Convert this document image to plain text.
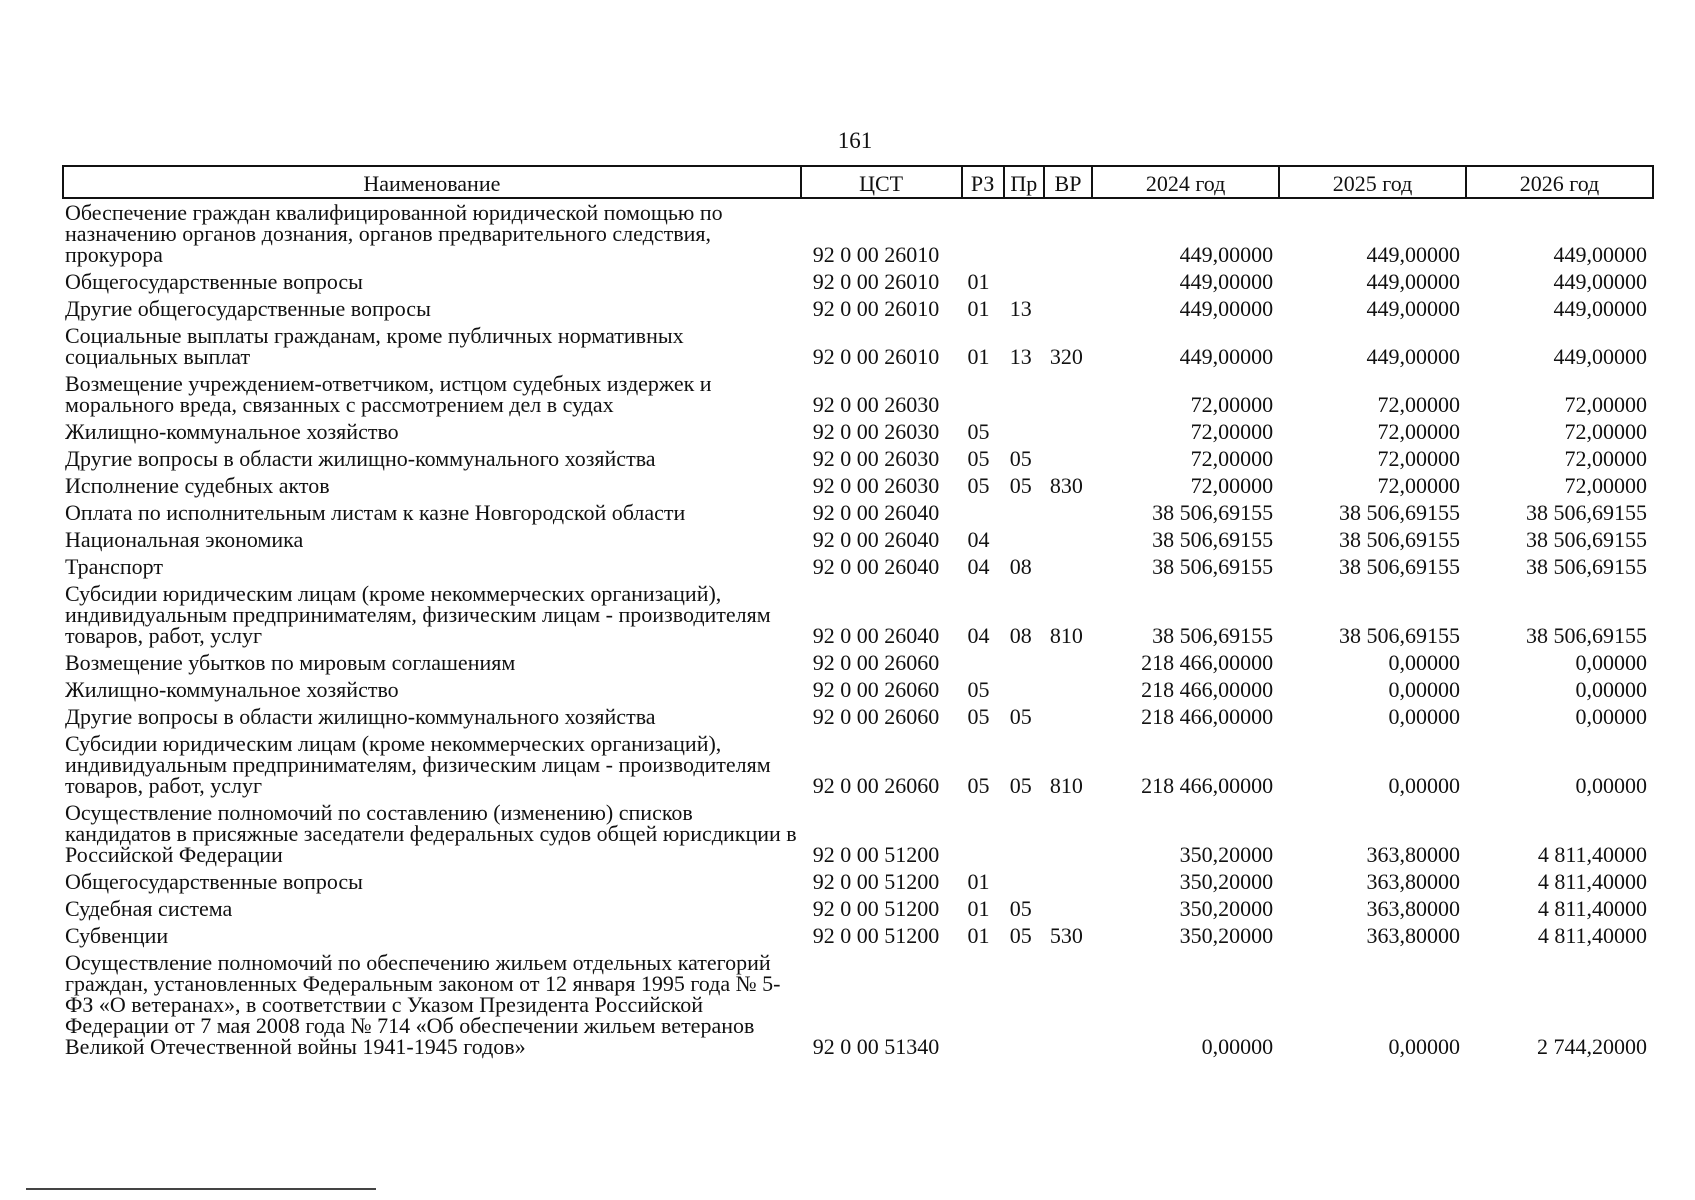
161
Наименование	ЦСТ	РЗ	Пр	ВР	2024 год	2025 год	2026 год
Обеспечение граждан квалифицированной юридической помощью по назначению органов дознания, органов предварительного следствия, прокурора	92 0 00 26010				449,00000	449,00000	449,00000
Общегосударственные вопросы	92 0 00 26010	01			449,00000	449,00000	449,00000
Другие общегосударственные вопросы	92 0 00 26010	01	13		449,00000	449,00000	449,00000
Социальные выплаты гражданам, кроме публичных нормативных социальных выплат	92 0 00 26010	01	13	320	449,00000	449,00000	449,00000
Возмещение учреждением-ответчиком, истцом судебных издержек и морального вреда, связанных с рассмотрением дел в судах	92 0 00 26030				72,00000	72,00000	72,00000
Жилищно-коммунальное хозяйство	92 0 00 26030	05			72,00000	72,00000	72,00000
Другие вопросы в области жилищно-коммунального хозяйства	92 0 00 26030	05	05		72,00000	72,00000	72,00000
Исполнение судебных актов	92 0 00 26030	05	05	830	72,00000	72,00000	72,00000
Оплата по исполнительным листам к казне Новгородской области	92 0 00 26040				38 506,69155	38 506,69155	38 506,69155
Национальная экономика	92 0 00 26040	04			38 506,69155	38 506,69155	38 506,69155
Транспорт	92 0 00 26040	04	08		38 506,69155	38 506,69155	38 506,69155
Субсидии юридическим лицам (кроме некоммерческих организаций), индивидуальным предпринимателям, физическим лицам - производителям товаров, работ, услуг	92 0 00 26040	04	08	810	38 506,69155	38 506,69155	38 506,69155
Возмещение убытков по мировым соглашениям	92 0 00 26060				218 466,00000	0,00000	0,00000
Жилищно-коммунальное хозяйство	92 0 00 26060	05			218 466,00000	0,00000	0,00000
Другие вопросы в области жилищно-коммунального хозяйства	92 0 00 26060	05	05		218 466,00000	0,00000	0,00000
Субсидии юридическим лицам (кроме некоммерческих организаций), индивидуальным предпринимателям, физическим лицам - производителям товаров, работ, услуг	92 0 00 26060	05	05	810	218 466,00000	0,00000	0,00000
Осуществление полномочий по составлению (изменению) списков кандидатов в присяжные заседатели федеральных судов общей юрисдикции в Российской Федерации	92 0 00 51200				350,20000	363,80000	4 811,40000
Общегосударственные вопросы	92 0 00 51200	01			350,20000	363,80000	4 811,40000
Судебная система	92 0 00 51200	01	05		350,20000	363,80000	4 811,40000
Субвенции	92 0 00 51200	01	05	530	350,20000	363,80000	4 811,40000
Осуществление полномочий по обеспечению жильем отдельных категорий граждан, установленных Федеральным законом от 12 января 1995 года № 5-ФЗ «О ветеранах», в соответствии с Указом Президента Российской Федерации от 7 мая 2008 года № 714 «Об обеспечении жильем ветеранов Великой Отечественной войны 1941-1945 годов»	92 0 00 51340				0,00000	0,00000	2 744,20000
